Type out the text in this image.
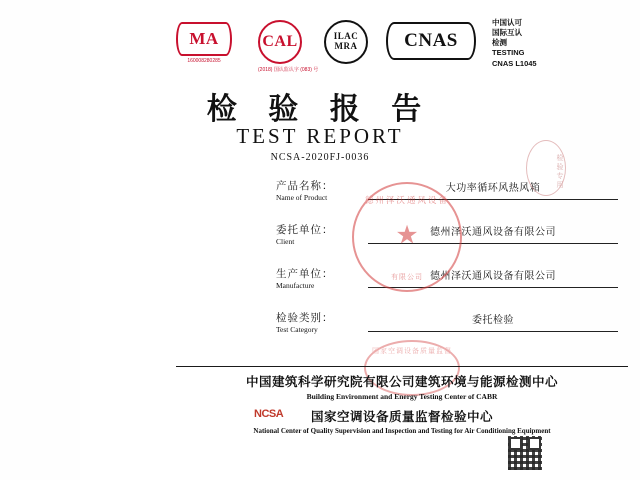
MA
160008280285
CAL
(2018) 国认监认字 (083) 号
ILAC
MRA	CNAS
中国认可
国际互认
检测
TESTING
CNAS L1045
检 验 报 告
TEST REPORT
NCSA-2020FJ-0036
产品名称：
Name of Product
大功率循环风热风箱
委托单位：
Client
德州泽沃通风设备有限公司
生产单位：
Manufacture
德州泽沃通风设备有限公司
检验类别：
Test Category
委托检验
德州泽沃通风设备
★
有限公司
国家空调设备质量监督
检验专用
中国建筑科学研究院有限公司建筑环境与能源检测中心
Building Environment and Energy Testing Center of CABR
国家空调设备质量监督检验中心
National Center of Quality Supervision and Inspection and Testing for Air Conditioning Equipment
NCSA
